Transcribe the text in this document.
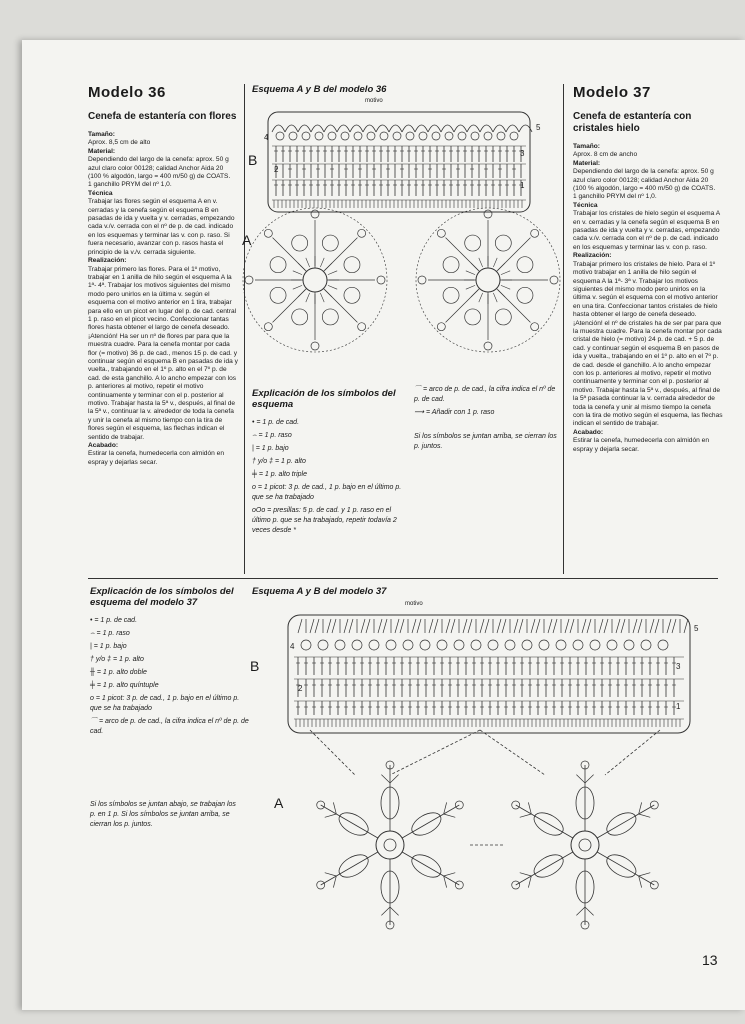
Modelo 36
Cenefa de estantería con flores
Tamaño:
Aprox. 8,5 cm de alto
Material:
Dependiendo del largo de la cenefa: aprox. 50 g azul claro color 00128; calidad Anchor Aida 20 (100 % algodón, largo = 400 m/50 g) de COATS.
1 ganchillo PRYM del nº 1,0.
Técnica
Trabajar las flores según el esquema A en v. cerradas y la cenefa según el esquema B en pasadas de ida y vuelta y v. cerradas, empezando cada v./v. cerrada con el nº de p. de cad. indicado en los esquemas y terminar las v. con p. raso. Si fuera necesario, avanzar con p. rasos hasta el principio de la v./v. cerrada siguiente.
Realización:
Trabajar primero las flores. Para el 1º motivo, trabajar en 1 anilla de hilo según el esquema A la 1ª- 4ª. Trabajar los motivos siguientes del mismo modo pero unirlos en la última v. según el esquema con el motivo anterior en 1 tira, trabajar para ello en un picot en lugar del p. de cad. central 1 p. raso en el picot vecino. Confeccionar tantas flores hasta obtener el largo de cenefa deseado. ¡Atención! Ha ser un nº de flores par para que la muestra cuadre. Para la cenefa montar por cada flor (= motivo) 36 p. de cad., menos 15 p. de cad. y continuar según el esquema B en pasadas de ida y vuelta., trabajando en el 1º p. alto en el 7º p. de cad. de esta ganchillo. A lo ancho empezar con los p. anteriores al motivo, repetir el motivo continuamente y terminar con el p. posterior al motivo. Trabajar hasta la 5ª v., después, al final de la 5ª v., continuar la v. alrededor de toda la cenefa y unir la cenefa al mismo tiempo con la tira de flores según el esquema, las flechas indican el sentido de trabajar.
Acabado:
Estirar la cenefa, humedecerla con almidón en espray y dejarlas secar.
Esquema A y B del modelo 36
motivo
B
A
5
4
3
2
1
Explicación de los símbolos del esquema
• = 1 p. de cad.
⌢ = 1 p. raso
| = 1 p. bajo
† y/o ‡ = 1 p. alto
╪ = 1 p. alto triple
o = 1 picot: 3 p. de cad., 1 p. bajo en el último p. que se ha trabajado
oOo = presillas: 5 p. de cad. y 1 p. raso en el último p. que se ha trabajado, repetir todavía 2 veces desde *
⌒ = arco de p. de cad., la cifra indica el nº de p. de cad.
⟶ = Añadir con 1 p. raso
Si los símbolos se juntan arriba, se cierran los p. juntos.
Modelo 37
Cenefa de estantería con cristales hielo
Tamaño:
Aprox. 8 cm de ancho
Material:
Dependiendo del largo de la cenefa: aprox. 50 g azul claro color 00128; calidad Anchor Aida 20 (100 % algodón, largo = 400 m/50 g) de COATS.
1 ganchillo PRYM del nº 1,0.
Técnica
Trabajar los cristales de hielo según el esquema A en v. cerradas y la cenefa según el esquema B en pasadas de ida y vuelta y v. cerradas, empezando cada v./v. cerrada con el nº de p. de cad. indicado en los esquemas y terminar las v. con p. raso.
Realización:
Trabajar primero los cristales de hielo. Para el 1º motivo trabajar en 1 anilla de hilo según el esquema A la 1ª- 3ª v. Trabajar los motivos siguientes del mismo modo pero unirlos en la última v. según el esquema con el motivo anterior en una tira. Confeccionar tantos cristales de hielo hasta obtener el largo de cenefa deseado. ¡Atención! el nº de cristales ha de ser par para que la muestra cuadre. Para la cenefa montar por cada cristal de hielo (= motivo) 24 p. de cad. + 5 p. de cad. y continuar según el esquema B en pasos de ida y vuelta., trabajando en el 1º p. alto en el 7º p. de cad. desde el ganchillo. A lo ancho empezar con los p. anteriores al motivo, repetir el motivo continuamente y terminar con el p. posterior al motivo. Trabajar hasta la 5ª v., después, al final de la 5ª pasada continuar la v. cerrada alrededor de toda la cenefa y unir al mismo tiempo la cenefa con la tira de motivo según el esquema, las flechas indican el sentido de trabajar.
Acabado:
Estirar la cenefa, humedecerla con almidón en espray y dejarla secar.
Explicación de los símbolos del esquema del modelo 37
• = 1 p. de cad.
⌢ = 1 p. raso
| = 1 p. bajo
† y/o ‡ = 1 p. alto
╫ = 1 p. alto doble
╪ = 1 p. alto quíntuple
o = 1 picot: 3 p. de cad., 1 p. bajo en el último p. que se ha trabajado
⌒ = arco de p. de cad., la cifra indica el nº de p. de cad.
Si los símbolos se juntan abajo, se trabajan los p. en 1 p. Si los símbolos se juntan arriba, se cierran los p. juntos.
Esquema A y B del modelo 37
motivo
B
A
5
4
3
2
1
13
